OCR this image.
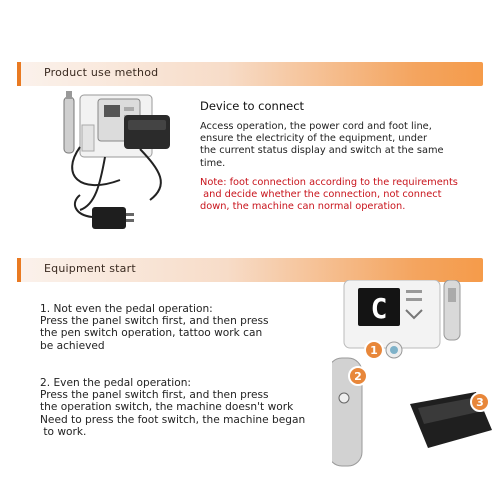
Product use method
Device to connect
Access operation, the power cord and foot line,
ensure the electricity of the equipment, under
the current status display and switch at the same
time.
Note: foot connection according to the requirements
and decide whether the connection, not connect
down, the machine can normal operation.
Equipment start
1. Not even the pedal operation:
Press the panel switch first, and then press
the pen switch operation, tattoo work can
be achieved
2. Even the pedal operation:
Press the panel switch first, and then press
the operation switch, the machine doesn't work
Need to press the foot switch, the machine began
to work.
C
1
2
3
